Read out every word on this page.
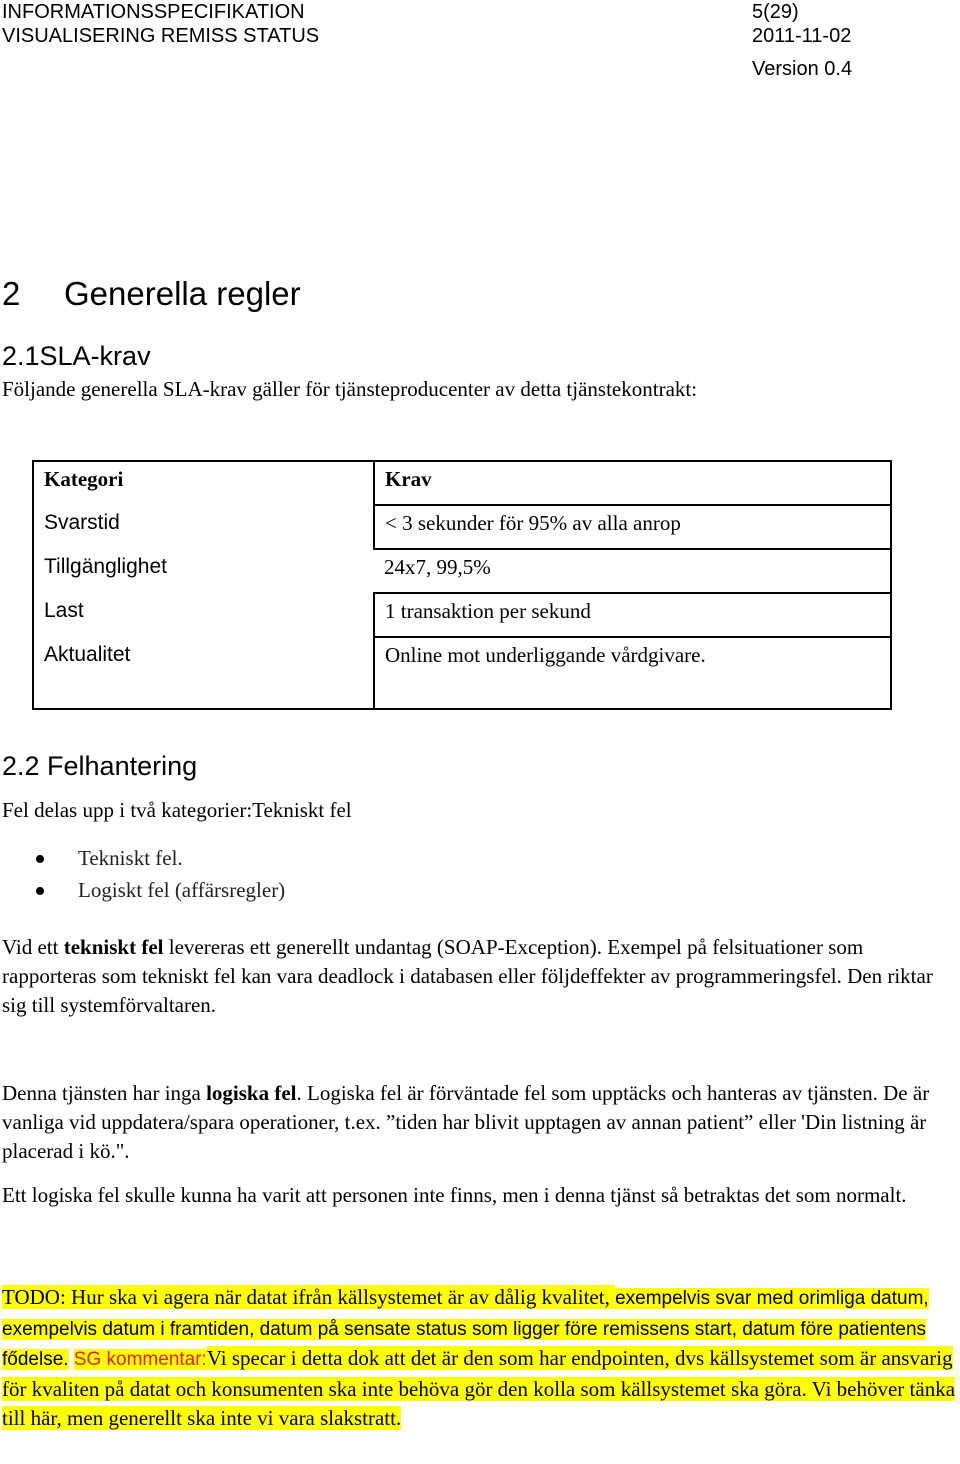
INFORMATIONSSPECIFIKATION
VISUALISERING REMISS STATUS
5(29)
2011-11-02
Version 0.4
2 Generella regler
2.1SLA-krav

Följande generella SLA-krav gäller för tjänsteproducenter av detta tjänstekontrakt:

Kategori	Krav
Svarstid	< 3 sekunder för 95% av alla anrop
Tillgänglighet	24x7, 99,5%
Last	1 transaktion per sekund
Aktualitet	Online mot underliggande vårdgivare.
2.2 Felhantering

Fel delas upp i två kategorier:Tekniskt fel

Tekniskt fel.
Logiskt fel (affärsregler)

Vid ett tekniskt fel levereras ett generellt undantag (SOAP-Exception). Exempel på felsituationer som rapporteras som tekniskt fel kan vara deadlock i databasen eller följdeffekter av programmeringsfel. Den riktar sig till systemförvaltaren.

Denna tjänsten har inga logiska fel. Logiska fel är förväntade fel som upptäcks och hanteras av tjänsten. De är vanliga vid uppdatera/spara operationer, t.ex. ”tiden har blivit upptagen av annan patient” eller 'Din listning är placerad i kö.".

Ett logiska fel skulle kunna ha varit att personen inte finns, men i denna tjänst så betraktas det som normalt.

TODO: Hur ska vi agera när datat ifrån källsystemet är av dålig kvalitet, exempelvis svar med orimliga datum, exempelvis datum i framtiden, datum på sensate status som ligger före remissens start, datum före patientens fődelse. SG kommentar:Vi specar i detta dok att det är den som har endpointen, dvs källsystemet som är ansvarig för kvaliten på datat och konsumenten ska inte behöva gör den kolla som källsystemet ska göra. Vi behöver tänka till här, men generellt ska inte vi vara slakstratt.
